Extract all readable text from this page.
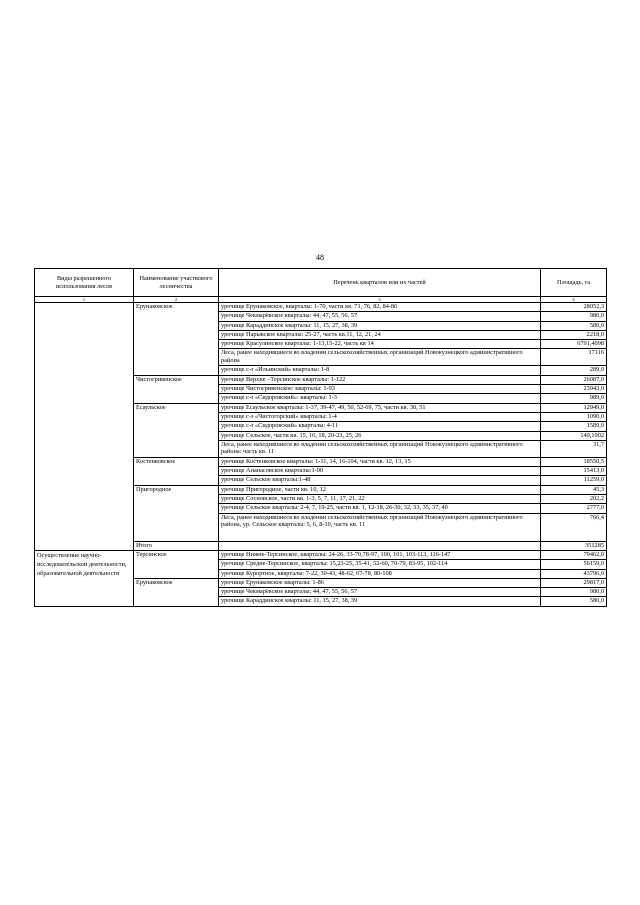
48
Виды разрешенного использования лесов	Наименование участкового лесничества	Перечень кварталов или их частей	Площадь, га
1	2	3	4
	Ерунаковское	урочище Ерунаковское, кварталы: 1-70, части кв. 71, 76, 82, 84-86	28052,3
		урочище Чекмарёвское кварталы: 44, 47, 55, 56, 57	980,0
		урочище Караддинское кварталы: 11, 15, 27, 38, 39	580,0
		урочище Нарыкское кварталы: 25-27, часть кв.11, 12, 21, 24	2218,0
		урочище Красулинское кварталы: 1-13,15-22, часть кв 14	6791,4098
		Леса, ранее находившиеся во владении сельскохозяйственных организаций Новокузнецкого административного района	17116
		урочище с-з «Ильинский» кварталы: 1-8	289,0
	Чистогривенское	урочище Верхне –Терсинское кварталы: 1-122	26087,0
		урочище Чистогривенское: кварталы: 1-93	23943,0
		урочище с-з «Сидоровский»: кварталы: 1-3	989,0
	Есаульское	урочище Есаульское кварталы: 1-37, 39-47, 49, 50, 52-69, 75, части кв. 38, 51	12949,0
		урочище с-з «Чистогорский» кварталы: 1-4	1090,0
		урочище с-з «Сидоровский» кварталы: 4-11	1589,0
		урочище Сельское, части кв. 15, 16, 18, 20-23, 25, 26	149,1902
		Леса, ранее находившиеся во владении сельскохозяйственных организаций Новокузнецкого административного района: часть кв. 11	31,7
	Костенковское	урочище Костенковское кварталы: 1-11, 14, 16-104, части кв. 12, 13, 15	18550,5
		урочище Ананасовское кварталы:1-90	15413,0
		урочище Сельское кварталы:1-48	11259,0
	Пригородное	урочище Пригородное, части кв. 10, 12	45,3
		урочище Сосновское, части кв. 1-3, 5, 7, 11, 17, 21, 22	202,2
		урочище Сельское кварталы: 2-4, 7, 19-25, части кв. 1, 12-18, 26-30, 32, 33, 35, 37, 40	2777,0
		Леса, ранее находившиеся во владении сельскохозяйственных организаций Новокузнецкого административного района, ур. Сельское кварталы: 5, 6, 8-10, часть кв. 11	766,4
	Итого		351285
Осуществление научно-исследовательской деятельности, образовательной деятельности	Терсинское	урочище Нижне-Терсинское, кварталы: 24-26, 33-70,78-97, 100, 101, 103-113, 116-147	79462,0
		урочище Средне-Терсинское, кварталы: 15,23-25, 35-41, 52-60, 70-79, 83-95, 102-114	56159,0
		урочище Курортное, кварталы: 7-22, 30-43, 48-62, 67-78, 80-108	43796,0
	Ерунаковское	урочище Ерунаковское кварталы: 1-86	29817,0
		урочище Чекмарёвское кварталы: 44, 47, 55, 56, 57	980,0
		урочище Караддинское кварталы: 11, 15, 27, 38, 39	580,0
